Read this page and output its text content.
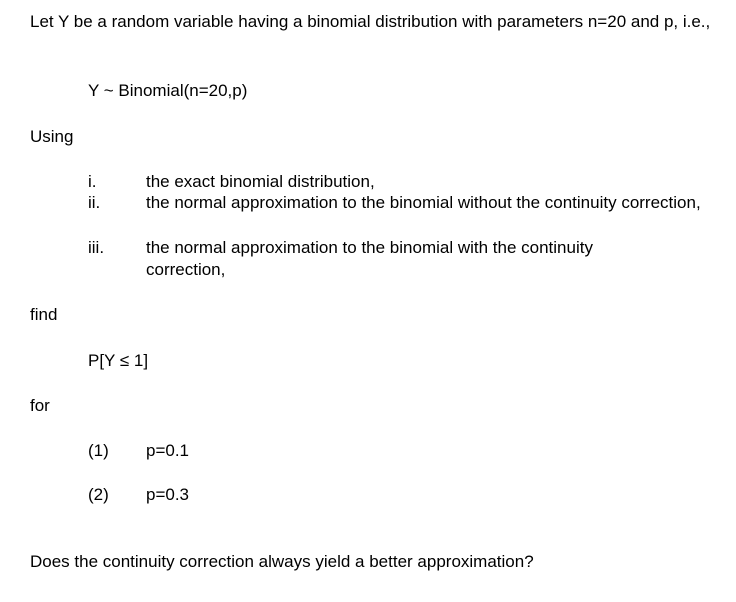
Let Y be a random variable having a binomial distribution with parameters n=20 and p, i.e.,
Y ~ Binomial(n=20,p)
Using
i.	the exact binomial distribution,
ii.	the normal approximation to the binomial without the continuity correction,
iii. the normal approximation to the binomial with the continuity correction,
find
P[Y ≤ 1]
for
(1) p=0.1
(2) p=0.3
Does the continuity correction always yield a better approximation?
